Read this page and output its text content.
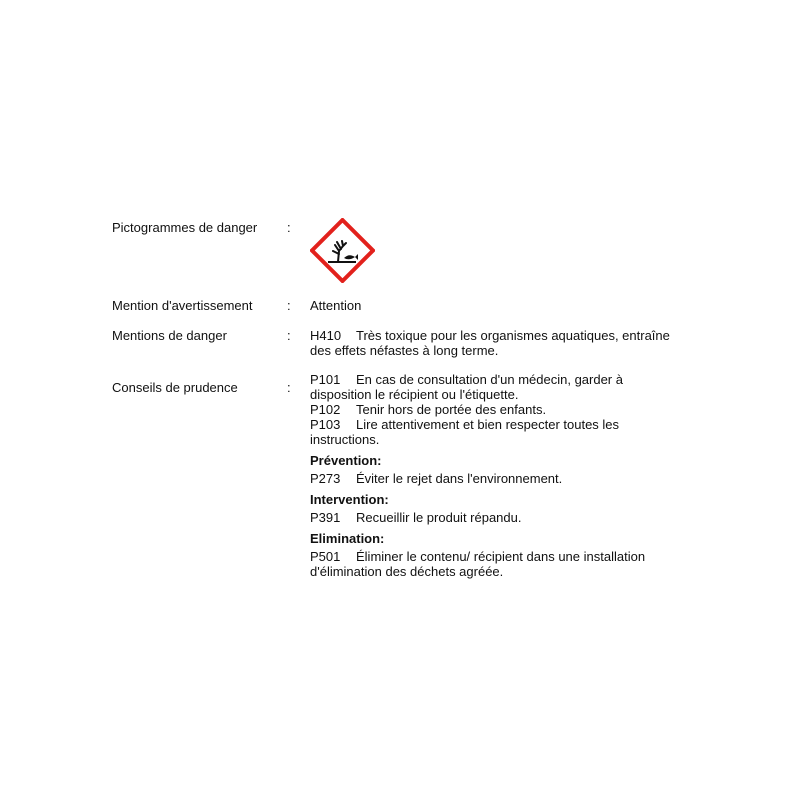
Pictogrammes de danger	:
Mention d'avertissement	: Attention
Mentions de danger	: H410 Très toxique pour les organismes aquatiques, entraîne
des effets néfastes à long terme.
Conseils de prudence	:
P101 En cas de consultation d'un médecin, garder à
disposition le récipient ou l'étiquette.
P102 Tenir hors de portée des enfants.
P103 Lire attentivement et bien respecter toutes les
instructions.
Prévention:
P273 Éviter le rejet dans l'environnement.
Intervention:
P391 Recueillir le produit répandu.
Elimination:
P501 Éliminer le contenu/ récipient dans une installation
d'élimination des déchets agréée.
